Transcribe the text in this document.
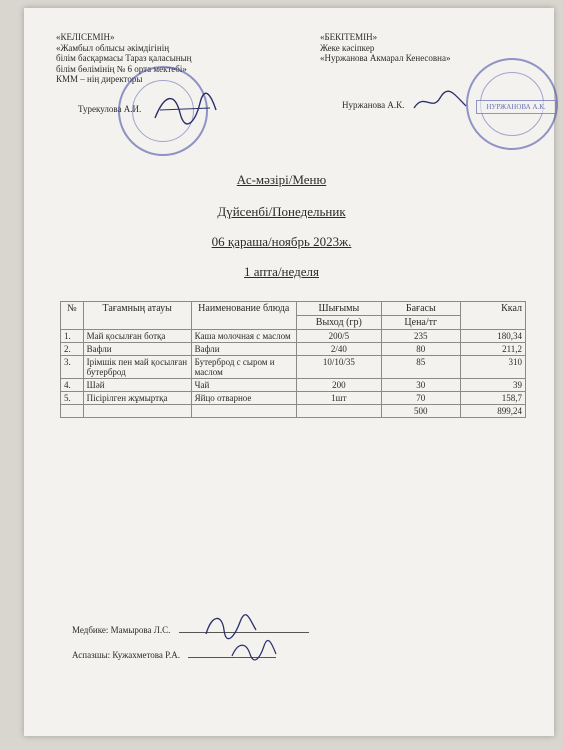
«КЕЛІСЕМІН»
«Жамбыл облысы әкімдігінің
білім басқармасы Тараз қаласының
білім бөлімінің № 6 орта мектебі»
КММ – нің директоры
Турекулова А.И.
«БЕКІТЕМІН»
Жеке кәсіпкер
«Нуржанова Акмарал Кенесовна»
Нуржанова А.К.	НУРЖАНОВА А.К.
Ас-мәзірі/Меню
Дүйсенбі/Понедельник
06 қараша/ноябрь 2023ж.
1 апта/неделя
№	Тағамның атауы	Наименование блюда	Шығымы	Бағасы	Ккал
			Выход (гр)	Цена/тг	
1.	Май қосылған ботқа	Каша молочная с маслом	200/5	235	180,34
2.	Вафли	Вафли	2/40	80	211,2
3.	Ірімшік пен май қосылған бутерброд	Бутерброд с сыром и маслом	10/10/35	85	310
4.	Шәй	Чай	200	30	39
5.	Пісірілген жұмыртқа	Яйцо отварное	1шт	70	158,7
				500	899,24
Медбике: Мамырова Л.С.
Аспазшы: Кужахметова Р.А.
